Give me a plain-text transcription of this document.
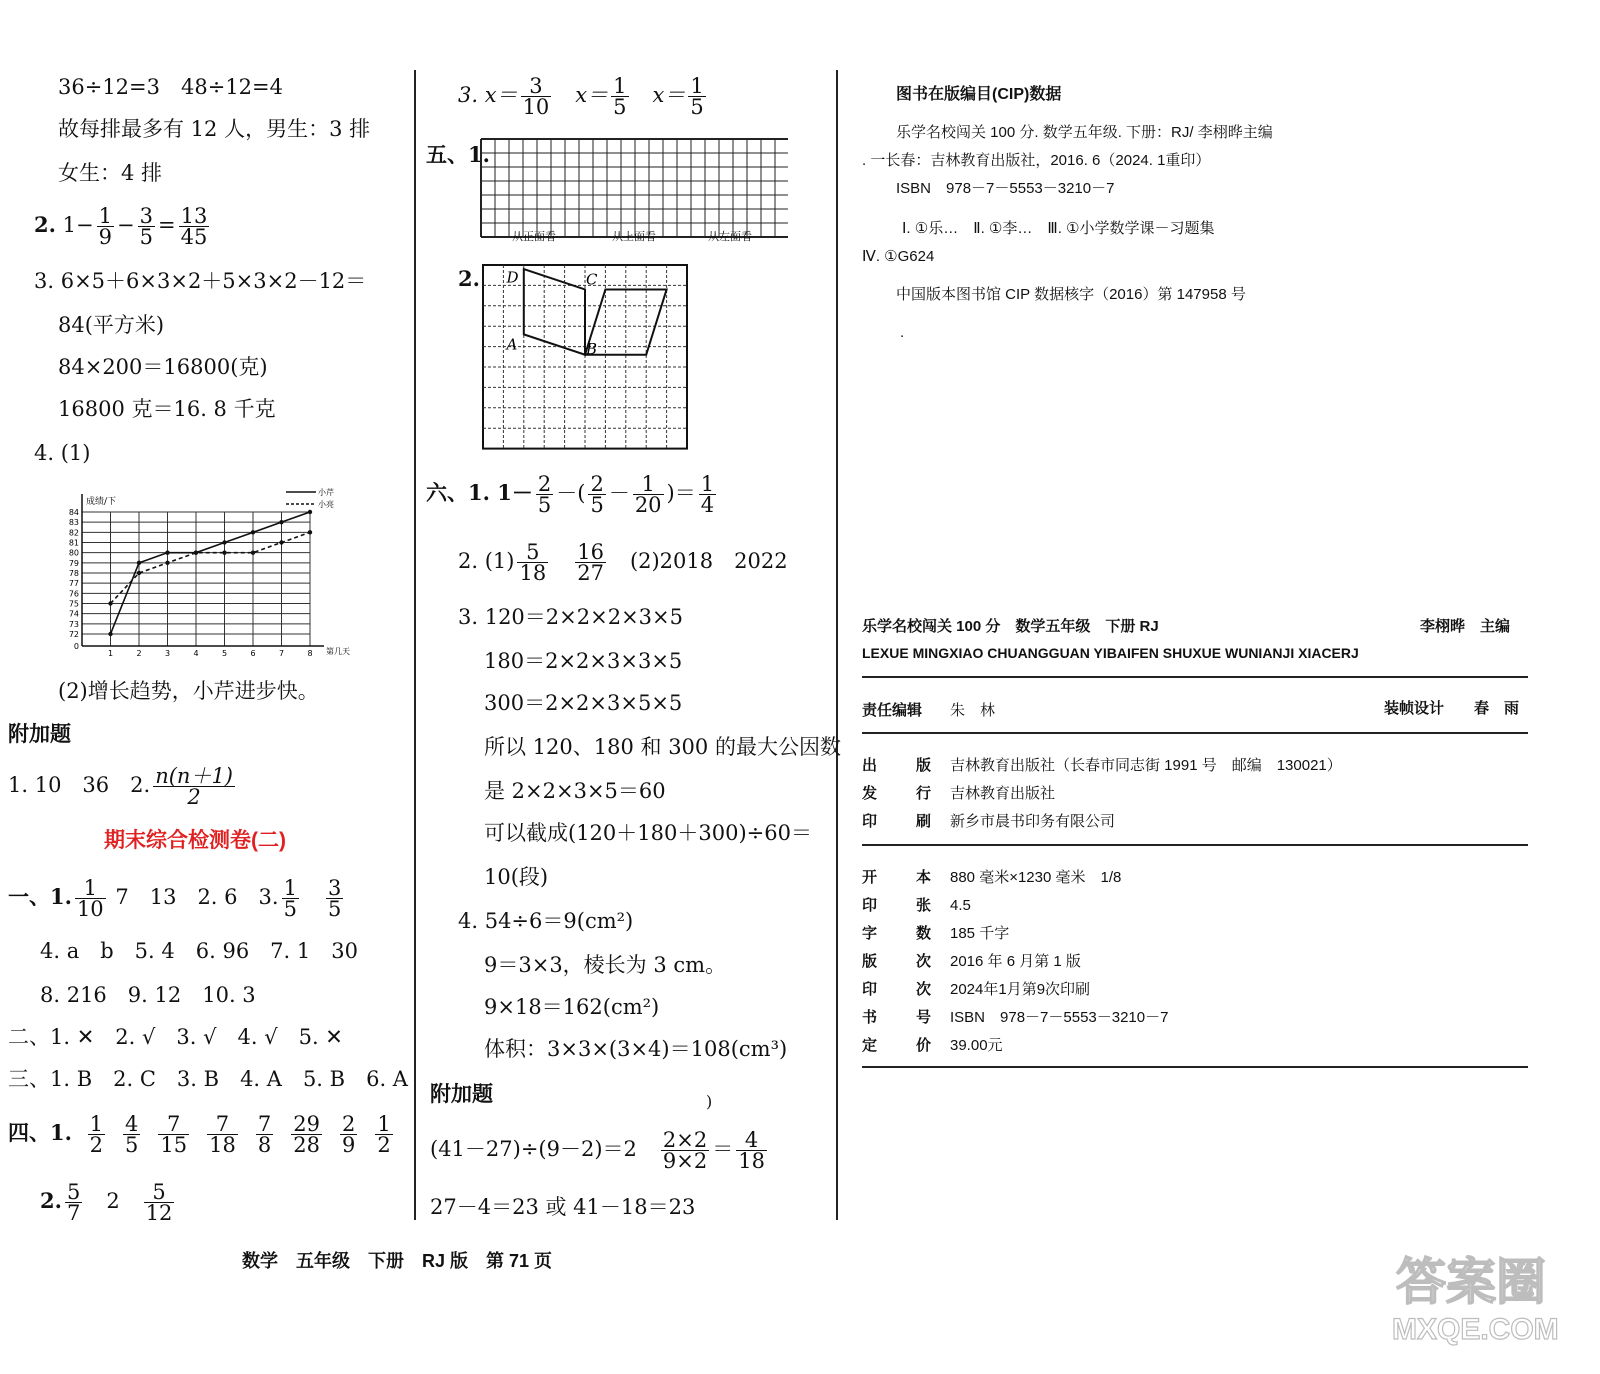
36÷12=3　48÷12=4
故每排最多有 12 人，男生：3 排
女生：4 排
2. $1- \frac{1}{9} - \frac{3}{5} = \frac{13}{45}$
3. 6×5＋6×3×2＋5×3×2－12＝
84(平方米)
84×200＝16800(克)
16800 克＝16. 8 千克
4. (1)
84
83
82
81
80
79
78
77
76
75
74
73
72
0
1	2	3	4	5	6	7	8
成绩/下
第几天
小芹
小亮
(2)增长趋势，小芹进步快。
附加题
1. 10　36　 2. $\frac{n(n+1)}{2}$
期末综合检测卷(二)
一、1. $\frac{1}{10} 7$　13　2. 6　3. $\frac{1}{5}$
　 $\frac{3}{5}$
4. a　b　5. 4　6. 96　7. 1　30
8. 216　9. 12　10. 3
二、1. ✕　2. √　3. √　4. √　5. ✕
三、1. B　2. C　3. B　4. A　5. B　6. A
四、1. $\frac{1}{2} \frac{4}{5} \frac{7}{15} \frac{7}{18} \frac{7}{8} \frac{29}{28} \frac{2}{9} \frac{1}{2}$
2. $\frac{5}{7}$
　 2　 $\frac{5}{12}$
3. $x= \frac{3}{10}$
　 $x= \frac{1}{5}$
　 $x= \frac{1}{5}$
五、1.
从正面看	从上面看	从左面看
2. D	C
A	B
六、1. $1- \frac{2}{5}$ －( $\frac{2}{5} - \frac{1}{20}$ )＝ $\frac{1}{4}$
2. $(1) \frac{5}{18}$
　 $\frac{16}{27}$
　 (2)2018　2022
3. 120＝2×2×2×3×5
180＝2×2×3×3×5
300＝2×2×3×5×5
所以 120、180 和 300 的最大公因数
是 2×2×3×5＝60
可以截成(120＋180＋300)÷60＝
10(段)
4. 54÷6＝9(cm²)
9＝3×3，棱长为 3 cm。
9×18＝162(cm²)
体积：3×3×(3×4)＝108(cm³)
附加题	)
(41－27)÷(9－2)＝2　 $\frac{2\times 2}{9\times 2} = \frac{4}{18}$
27－4＝23 或 41－18＝23
数学　五年级　下册　RJ 版　第 71 页
图书在版编目(CIP)数据
乐学名校闯关 100 分. 数学五年级. 下册：RJ/ 李栩晔主编
. 一长春：吉林教育出版社，2016. 6（2024. 1重印）
ISBN　978－7－5553－3210－7
Ⅰ. ①乐…　Ⅱ. ①李…　Ⅲ. ①小学数学课－习题集
Ⅳ. ①G624
中国版本图书馆 CIP 数据核字（2016）第 147958 号
.
乐学名校闯关 100 分　数学五年级　下册 RJ	李栩晔　主编
LEXUE MINGXIAO CHUANGGUAN YIBAIFEN SHUXUE WUNIANJI XIACERJ
责任编辑 朱　林	装帧设计 春　雨
出	版 吉林教育出版社（长春市同志街 1991 号　邮编　130021）
发	行 吉林教育出版社
印	刷 新乡市晨书印务有限公司
开	本 880 毫米×1230 毫米　1/8
印	张 4.5
字	数 185 千字
版	次 2016 年 6 月第 1 版
印	次 2024年1月第9次印刷
书	号 ISBN　978－7－5553－3210－7
定	价 39.00元
答案圈
MXQE.COM
